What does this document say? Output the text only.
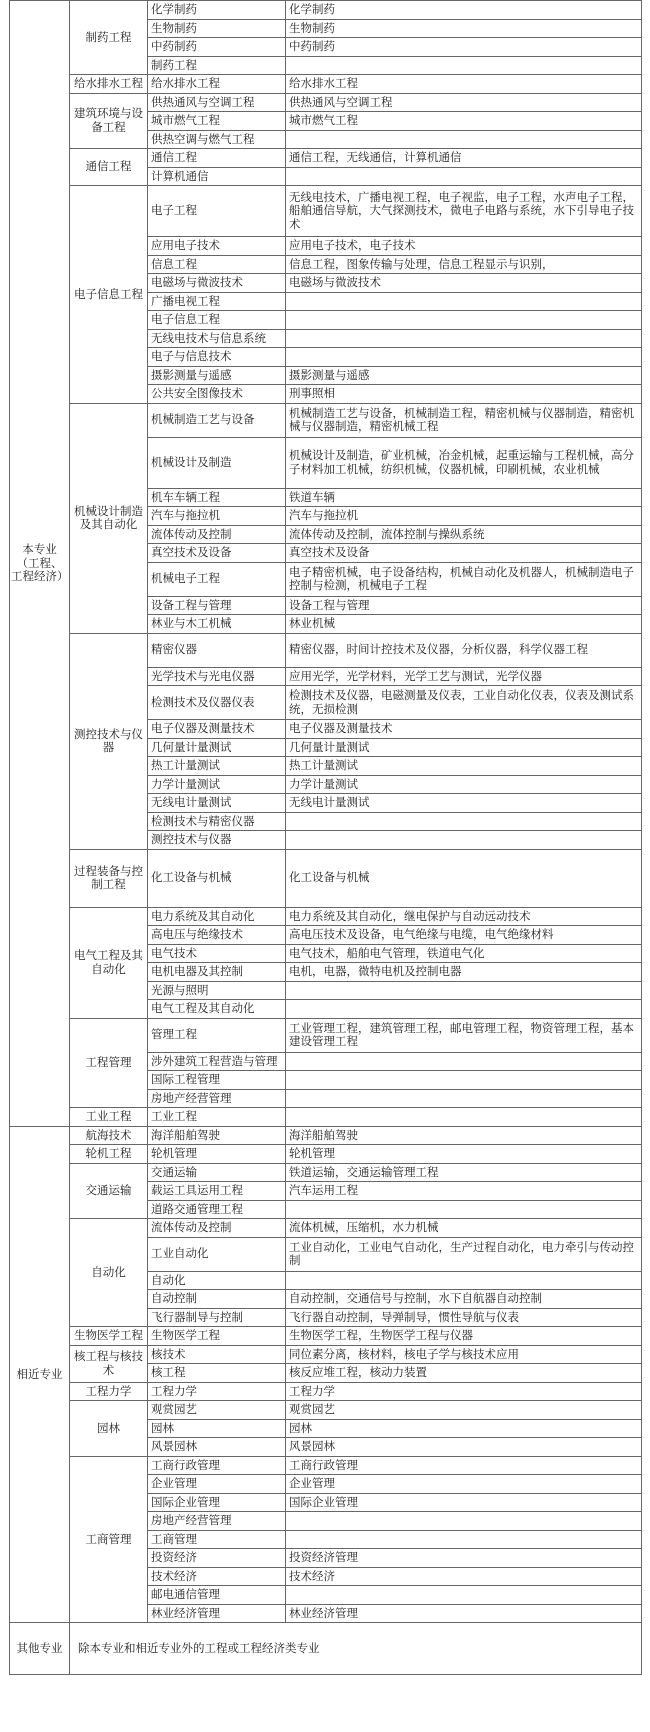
本专业（工程、工程经济）	制药工程	化学制药	化学制药
		生物制药	生物制药
		中药制药	中药制药
		制药工程	
	给水排水工程	给水排水工程	给水排水工程
	建筑环境与设备工程	供热通风与空调工程	供热通风与空调工程
		城市燃气工程	城市燃气工程
		供热空调与燃气工程	
	通信工程	通信工程	通信工程，无线通信，计算机通信
		计算机通信	
	电子信息工程	电子工程	无线电技术，广播电视工程，电子视监，电子工程，水声电子工程，船舶通信导航，大气探测技术，微电子电路与系统，水下引导电子技术
		应用电子技术	应用电子技术，电子技术
		信息工程	信息工程，图象传输与处理，信息工程显示与识别，
		电磁场与微波技术	电磁场与微波技术
		广播电视工程	
		电子信息工程	
		无线电技术与信息系统	
		电子与信息技术	
		摄影测量与遥感	摄影测量与遥感
		公共安全图像技术	刑事照相
	机械设计制造及其自动化	机械制造工艺与设备	机械制造工艺与设备，机械制造工程，精密机械与仪器制造，精密机械与仪器制造，精密机械工程
		机械设计及制造	机械设计及制造，矿业机械，冶金机械，起重运输与工程机械，高分子材料加工机械，纺织机械，仪器机械，印刷机械，农业机械
		机车车辆工程	铁道车辆
		汽车与拖拉机	汽车与拖拉机
		流体传动及控制	流体传动及控制，流体控制与操纵系统
		真空技术及设备	真空技术及设备
		机械电子工程	电子精密机械，电子设备结构，机械自动化及机器人，机械制造电子控制与检测，机械电子工程
		设备工程与管理	设备工程与管理
		林业与木工机械	林业机械
	测控技术与仪器	精密仪器	精密仪器，时间计控技术及仪器，分析仪器，科学仪器工程
		光学技术与光电仪器	应用光学，光学材料，光学工艺与测试，光学仪器
		检测技术及仪器仪表	检测技术及仪器，电磁测量及仪表，工业自动化仪表，仪表及测试系统，无损检测
		电子仪器及测量技术	电子仪器及测量技术
		几何量计量测试	几何量计量测试
		热工计量测试	热工计量测试
		力学计量测试	力学计量测试
		无线电计量测试	无线电计量测试
		检测技术与精密仪器	
		测控技术与仪器	
	过程装备与控制工程	化工设备与机械	化工设备与机械
	电气工程及其自动化	电力系统及其自动化	电力系统及其自动化，继电保护与自动远动技术
		高电压与绝缘技术	高电压技术及设备，电气绝缘与电缆，电气绝缘材料
		电气技术	电气技术，船舶电气管理，铁道电气化
		电机电器及其控制	电机，电器，微特电机及控制电器
		光源与照明	
		电气工程及其自动化	
	工程管理	管理工程	工业管理工程，建筑管理工程，邮电管理工程，物资管理工程，基本建设管理工程
		涉外建筑工程营造与管理	
		国际工程管理	
		房地产经营管理	
	工业工程	工业工程	
相近专业	航海技术	海洋船舶驾驶	海洋船舶驾驶
	轮机工程	轮机管理	轮机管理
	交通运输	交通运输	铁道运输，交通运输管理工程
		载运工具运用工程	汽车运用工程
		道路交通管理工程	
	自动化	流体传动及控制	流体机械，压缩机，水力机械
		工业自动化	工业自动化，工业电气自动化，生产过程自动化，电力牵引与传动控制
		自动化	
		自动控制	自动控制，交通信号与控制，水下自航器自动控制
		飞行器制导与控制	飞行器自动控制，导弹制导，惯性导航与仪表
	生物医学工程	生物医学工程	生物医学工程，生物医学工程与仪器
	核工程与核技术	核技术	同位素分离，核材料，核电子学与核技术应用
		核工程	核反应堆工程，核动力装置
	工程力学	工程力学	工程力学
	园林	观赏园艺	观赏园艺
		园林	园林
		风景园林	风景园林
	工商管理	工商行政管理	工商行政管理
		企业管理	企业管理
		国际企业管理	国际企业管理
		房地产经营管理	
		工商管理	
		投资经济	投资经济管理
		技术经济	技术经济
		邮电通信管理	
		林业经济管理	林业经济管理
其他专业	除本专业和相近专业外的工程或工程经济类专业		
